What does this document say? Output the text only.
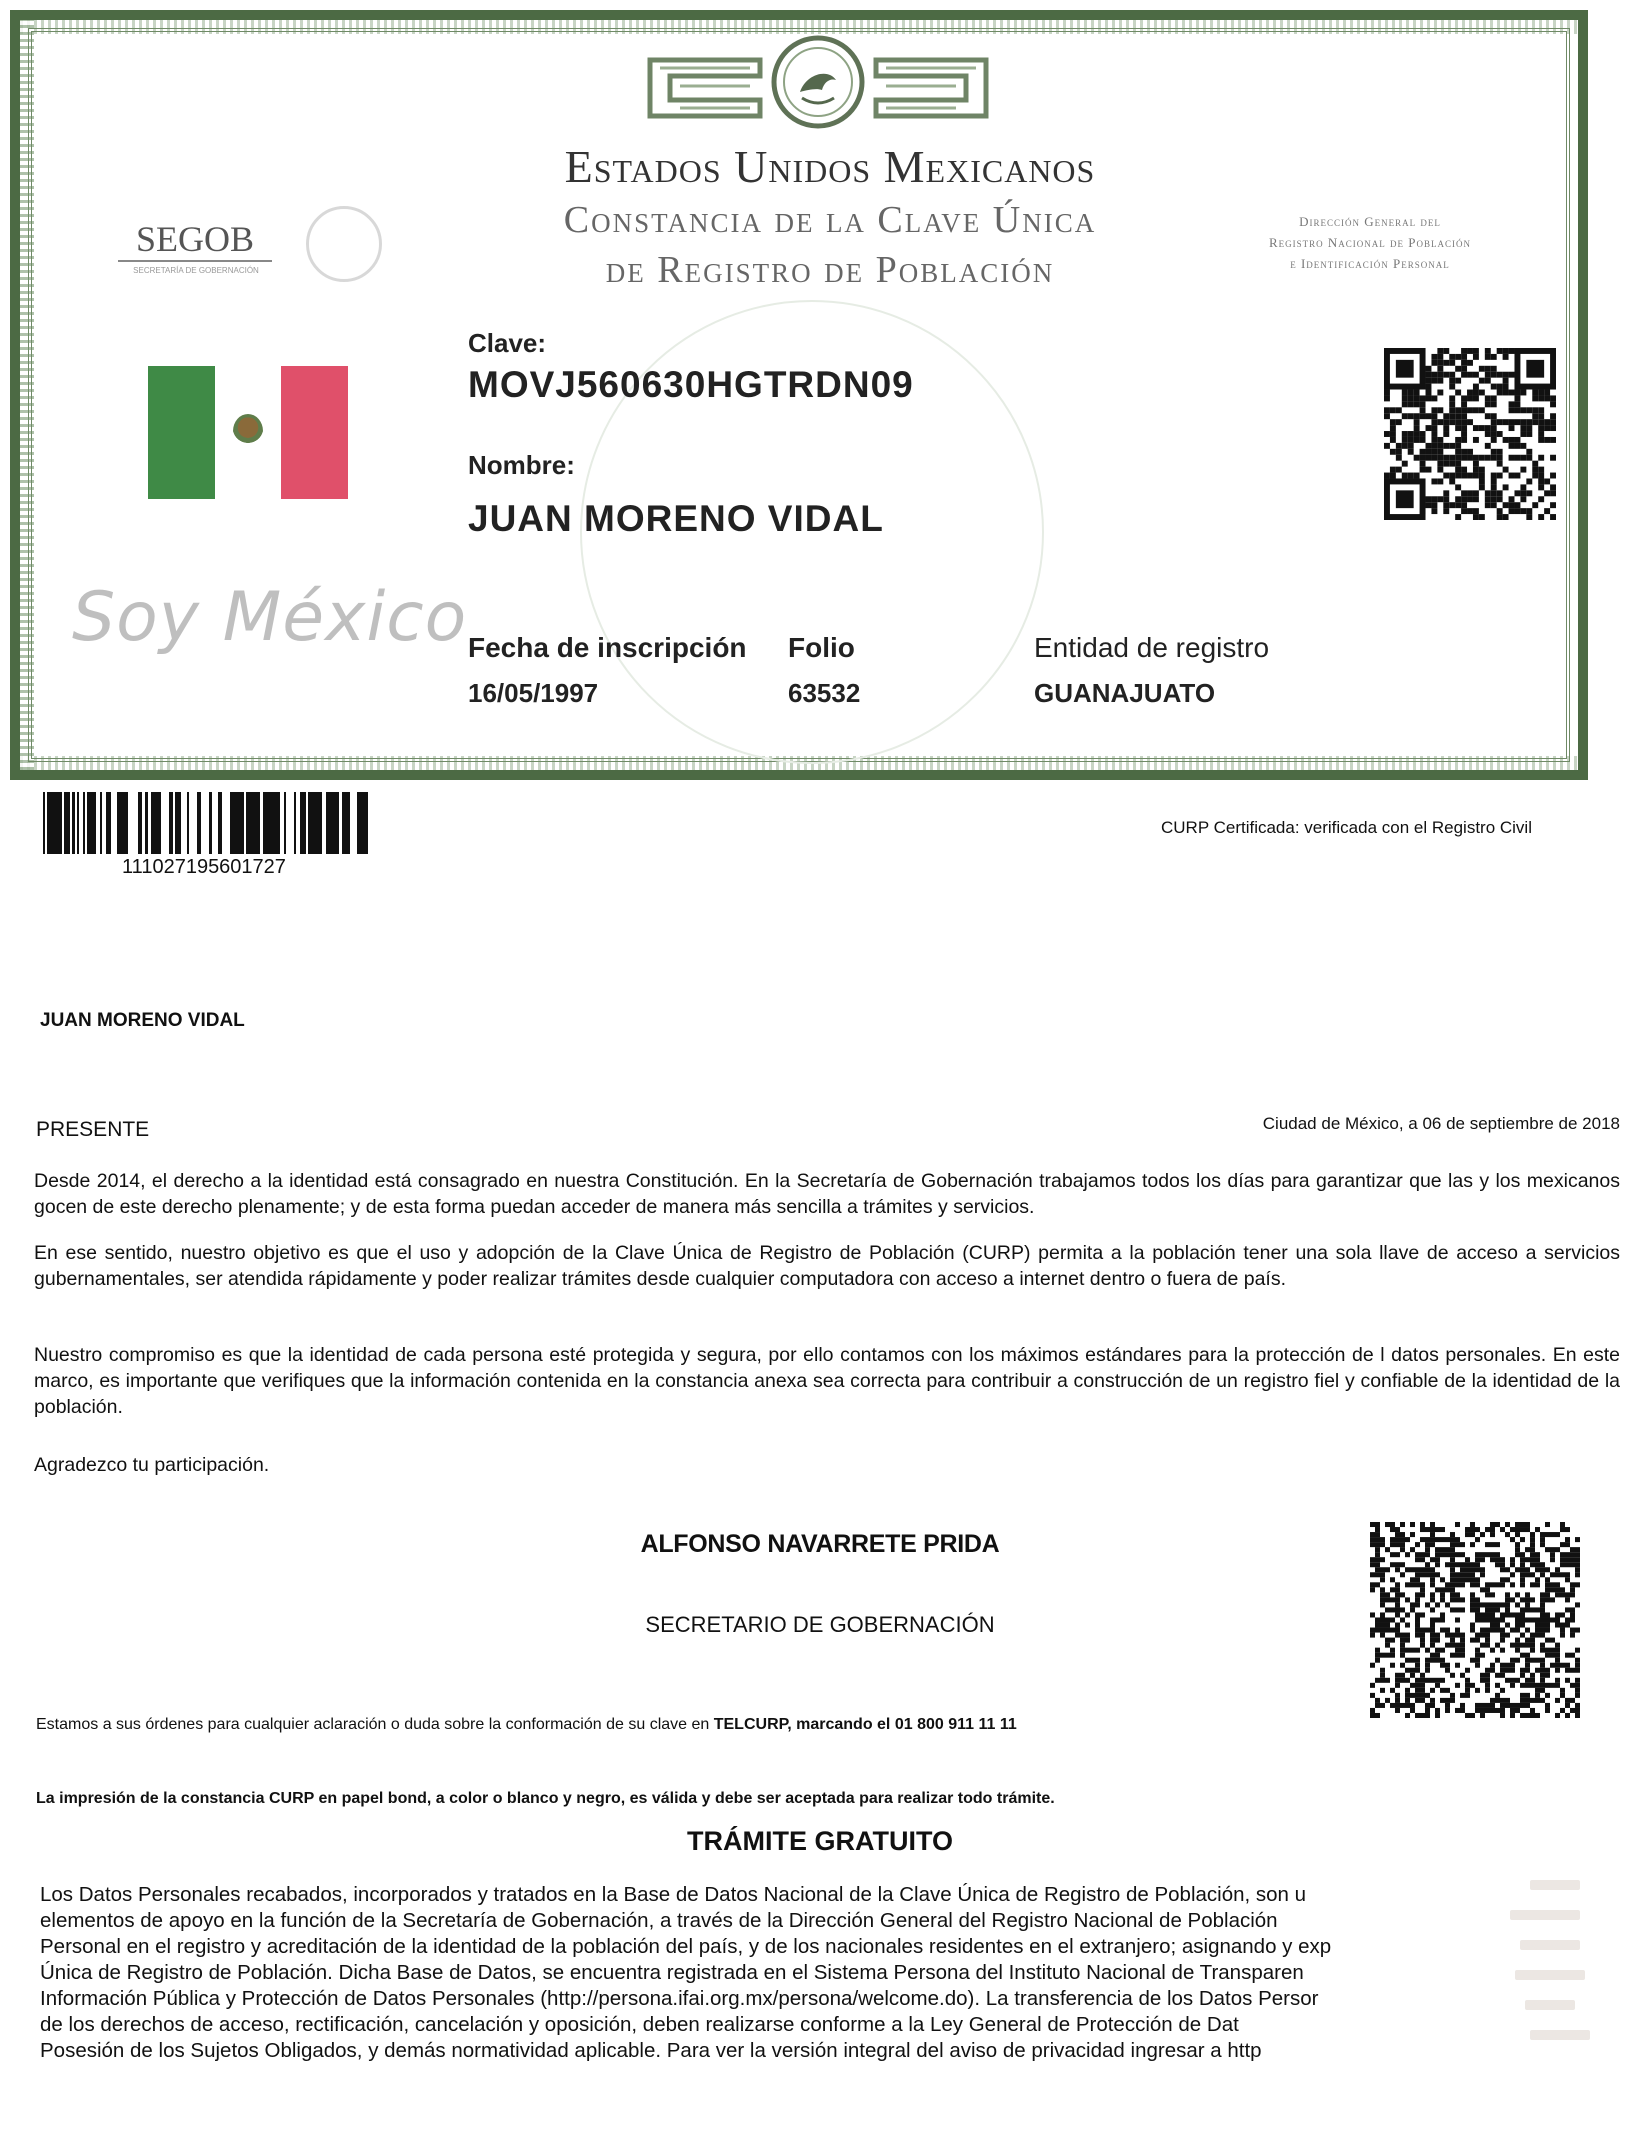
Estados Unidos Mexicanos
Constancia de la Clave Única
de Registro de Población
SEGOB
SECRETARÍA DE GOBERNACIÓN
Dirección General del
Registro Nacional de Población
e Identificación Personal
Soy México
Clave:
MOVJ560630HGTRDN09
Nombre:
JUAN MORENO VIDAL
Fecha de inscripción
16/05/1997
Folio
63532
Entidad de registro
GUANAJUATO
111027195601727
CURP Certificada: verificada con el Registro Civil
JUAN MORENO VIDAL
PRESENTE	Ciudad de México, a 06 de septiembre de 2018
Desde 2014, el derecho a la identidad está consagrado en nuestra Constitución. En la Secretaría de Gobernación trabajamos todos los días para garantizar que las y los mexicanos gocen de este derecho plenamente; y de esta forma puedan acceder de manera más sencilla a trámites y servicios.
En ese sentido, nuestro objetivo es que el uso y adopción de la Clave Única de Registro de Población (CURP) permita a la población tener una sola llave de acceso a servicios gubernamentales, ser atendida rápidamente y poder realizar trámites desde cualquier computadora con acceso a internet dentro o fuera de país.
Nuestro compromiso es que la identidad de cada persona esté protegida y segura, por ello contamos con los máximos estándares para la protección de l datos personales. En este marco, es importante que verifiques que la información contenida en la constancia anexa sea correcta para contribuir a construcción de un registro fiel y confiable de la identidad de la población.
Agradezco tu participación.
ALFONSO NAVARRETE PRIDA
SECRETARIO DE GOBERNACIÓN
Estamos a sus órdenes para cualquier aclaración o duda sobre la conformación de su clave en TELCURP, marcando el 01 800 911 11 11
La impresión de la constancia CURP en papel bond, a color o blanco y negro, es válida y debe ser aceptada para realizar todo trámite.
TRÁMITE GRATUITO
Los Datos Personales recabados, incorporados y tratados en la Base de Datos Nacional de la Clave Única de Registro de Población, son u
elementos de apoyo en la función de la Secretaría de Gobernación, a través de la Dirección General del Registro Nacional de Población
Personal en el registro y acreditación de la identidad de la población del país, y de los nacionales residentes en el extranjero; asignando y exp
Única de Registro de Población. Dicha Base de Datos, se encuentra registrada en el Sistema Persona del Instituto Nacional de Transparen
Información Pública y Protección de Datos Personales (http://persona.ifai.org.mx/persona/welcome.do). La transferencia de los Datos Persor
de los derechos de acceso, rectificación, cancelación y oposición, deben realizarse conforme a la Ley General de Protección de Dat
Posesión de los Sujetos Obligados, y demás normatividad aplicable. Para ver la versión integral del aviso de privacidad ingresar a http
